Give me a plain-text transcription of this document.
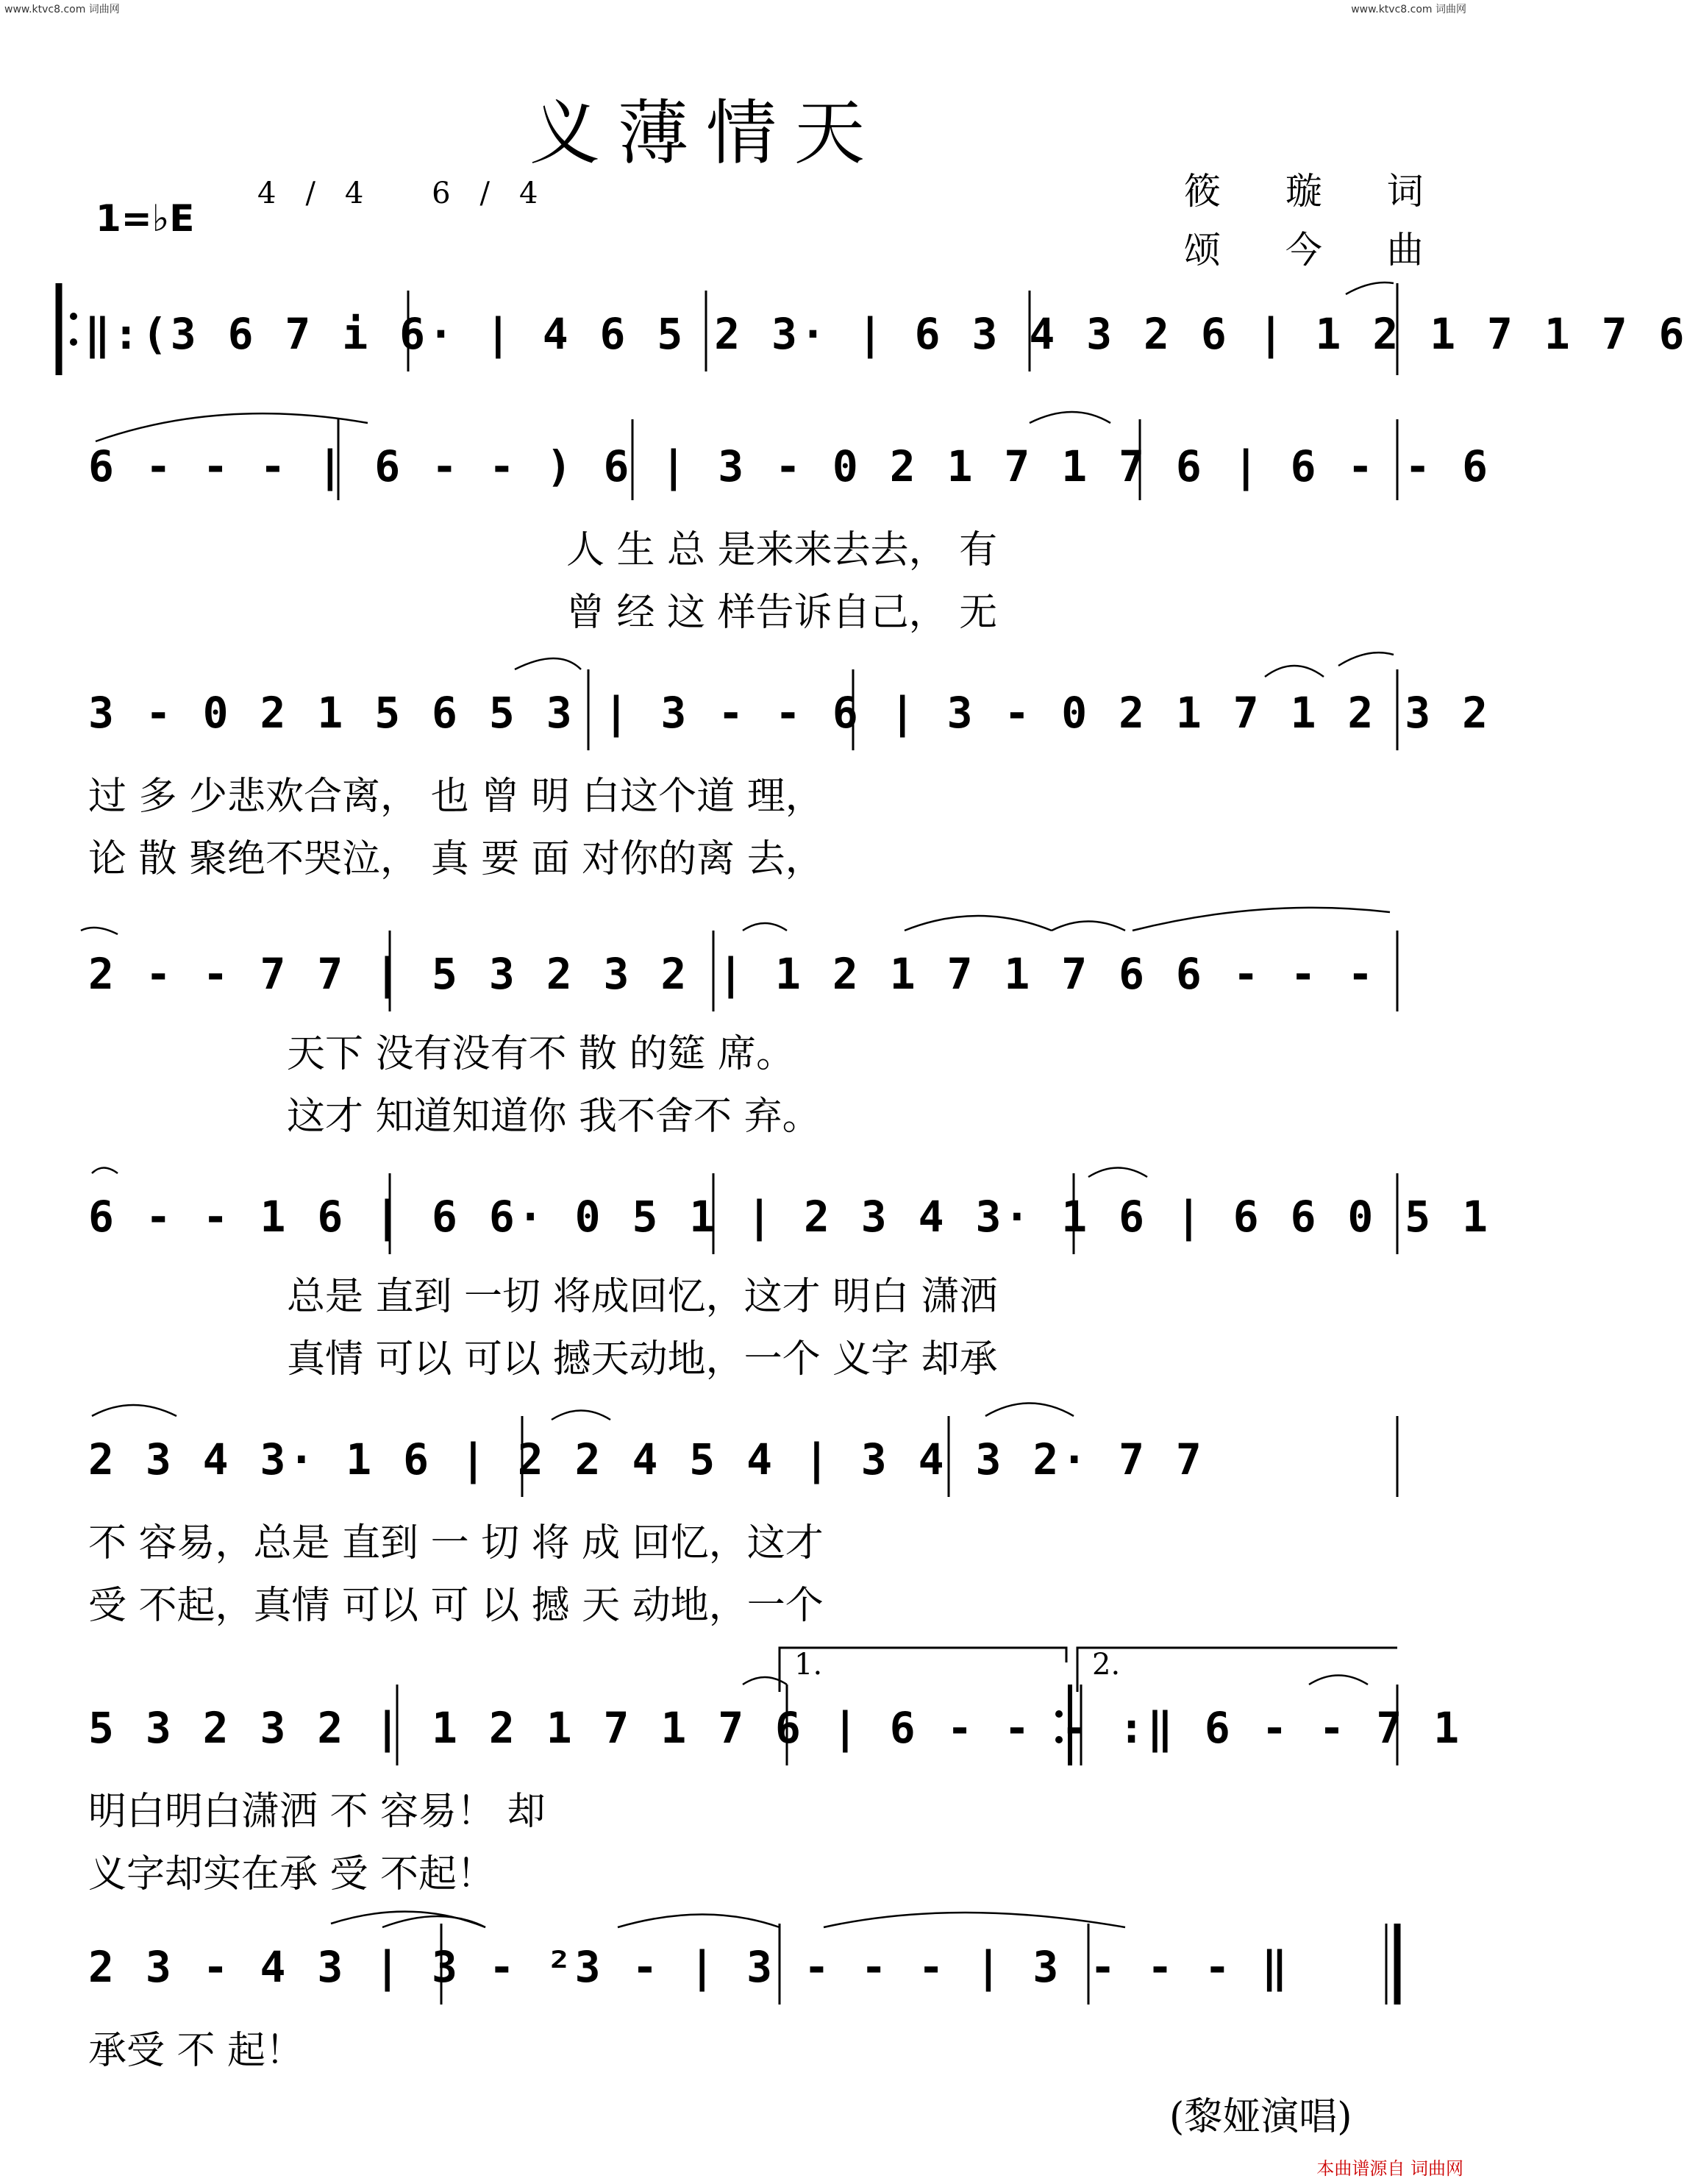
www.ktvc8.com 词曲网	www.ktvc8.com 词曲网
义薄情天
1=♭E
4/4 6/4	筱 璇 词
颂 今 曲
‖:(3 6 7 i 6· | 4 6 5 2 3· | 6 3 4 3 2 6 | 1 2 1 7 1 7 6
6 - - - | 6 - - ) 6 | 3 - 0 2 1 7 1 7 6 | 6 - - 6
人 生 总 是来来去去， 有
曾 经 这 样告诉自己， 无
3 - 0 2 1 5 6 5 3 | 3 - - 6 | 3 - 0 2 1 7 1 2 3 2
过 多 少悲欢合离， 也 曾 明 白这个道 理，
论 散 聚绝不哭泣， 真 要 面 对你的离 去，
2 - - 7 7 | 5 3 2 3 2 | 1 2 1 7 1 7 6 6 - - -
天下 没有没有不 散 的筵 席。
这才 知道知道你 我不舍不 弃。
6 - - 1 6 | 6 6· 0 5 1 | 2 3 4 3· 1 6 | 6 6 0 5 1
总是 直到 一切 将成回忆，这才 明白 潇洒
真情 可以 可以 撼天动地，一个 义字 却承
2 3 4 3· 1 6 | 2 2 4 5 4 | 3 4 3 2· 7 7
不 容易，总是 直到 一 切 将 成 回忆，这才
受 不起，真情 可以 可 以 撼 天 动地，一个
1.	2.
5 3 2 3 2 | 1 2 1 7 1 7 6 | 6 - - - :‖ 6 - - 7 1
明白明白潇洒 不 容易！ 却
义字却实在承 受 不起！
2 3 - 4 3 | 3 - ²3 - | 3 - - - | 3 - - - ‖
承受 不 起！
(黎娅演唱)
本曲谱源自 词曲网
